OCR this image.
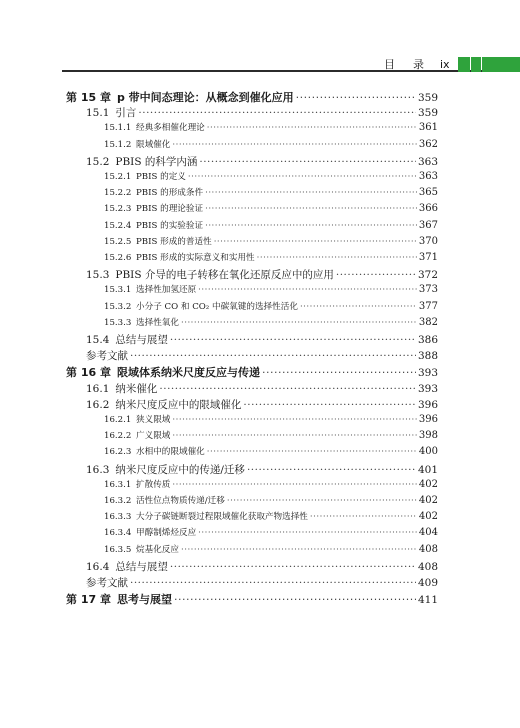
目 录 ix
第 15 章 p 带中间态理论：从概念到催化应用 ·····	359
15.1 引言 ·····	359
15.1.1 经典多相催化理论 ·····	361
15.1.2 限域催化 ·····	362
15.2 PBIS 的科学内涵 ·····	363
15.2.1 PBIS 的定义 ·····	363
15.2.2 PBIS 的形成条件 ·····	365
15.2.3 PBIS 的理论验证 ·····	366
15.2.4 PBIS 的实验验证 ·····	367
15.2.5 PBIS 形成的普适性 ·····	370
15.2.6 PBIS 形成的实际意义和实用性 ·····	371
15.3 PBIS 介导的电子转移在氧化还原反应中的应用 ·····	372
15.3.1 选择性加氢还原 ·····	373
15.3.2 小分子 CO 和 CO₂ 中碳氧键的选择性活化 ·····	377
15.3.3 选择性氧化 ·····	382
15.4 总结与展望 ·····	386
参考文献 ·····	388
第 16 章 限域体系纳米尺度反应与传递 ·····	393
16.1 纳米催化 ·····	393
16.2 纳米尺度反应中的限域催化 ·····	396
16.2.1 狭义限域 ·····	396
16.2.2 广义限域 ·····	398
16.2.3 水相中的限域催化 ·····	400
16.3 纳米尺度反应中的传递/迁移 ·····	401
16.3.1 扩散传质 ·····	402
16.3.2 活性位点物质传递/迁移 ·····	402
16.3.3 大分子碳链断裂过程限域催化获取产物选择性 ·····	402
16.3.4 甲醇制烯烃反应 ·····	404
16.3.5 烷基化反应 ·····	408
16.4 总结与展望 ·····	408
参考文献 ·····	409
第 17 章 思考与展望 ·····	411
